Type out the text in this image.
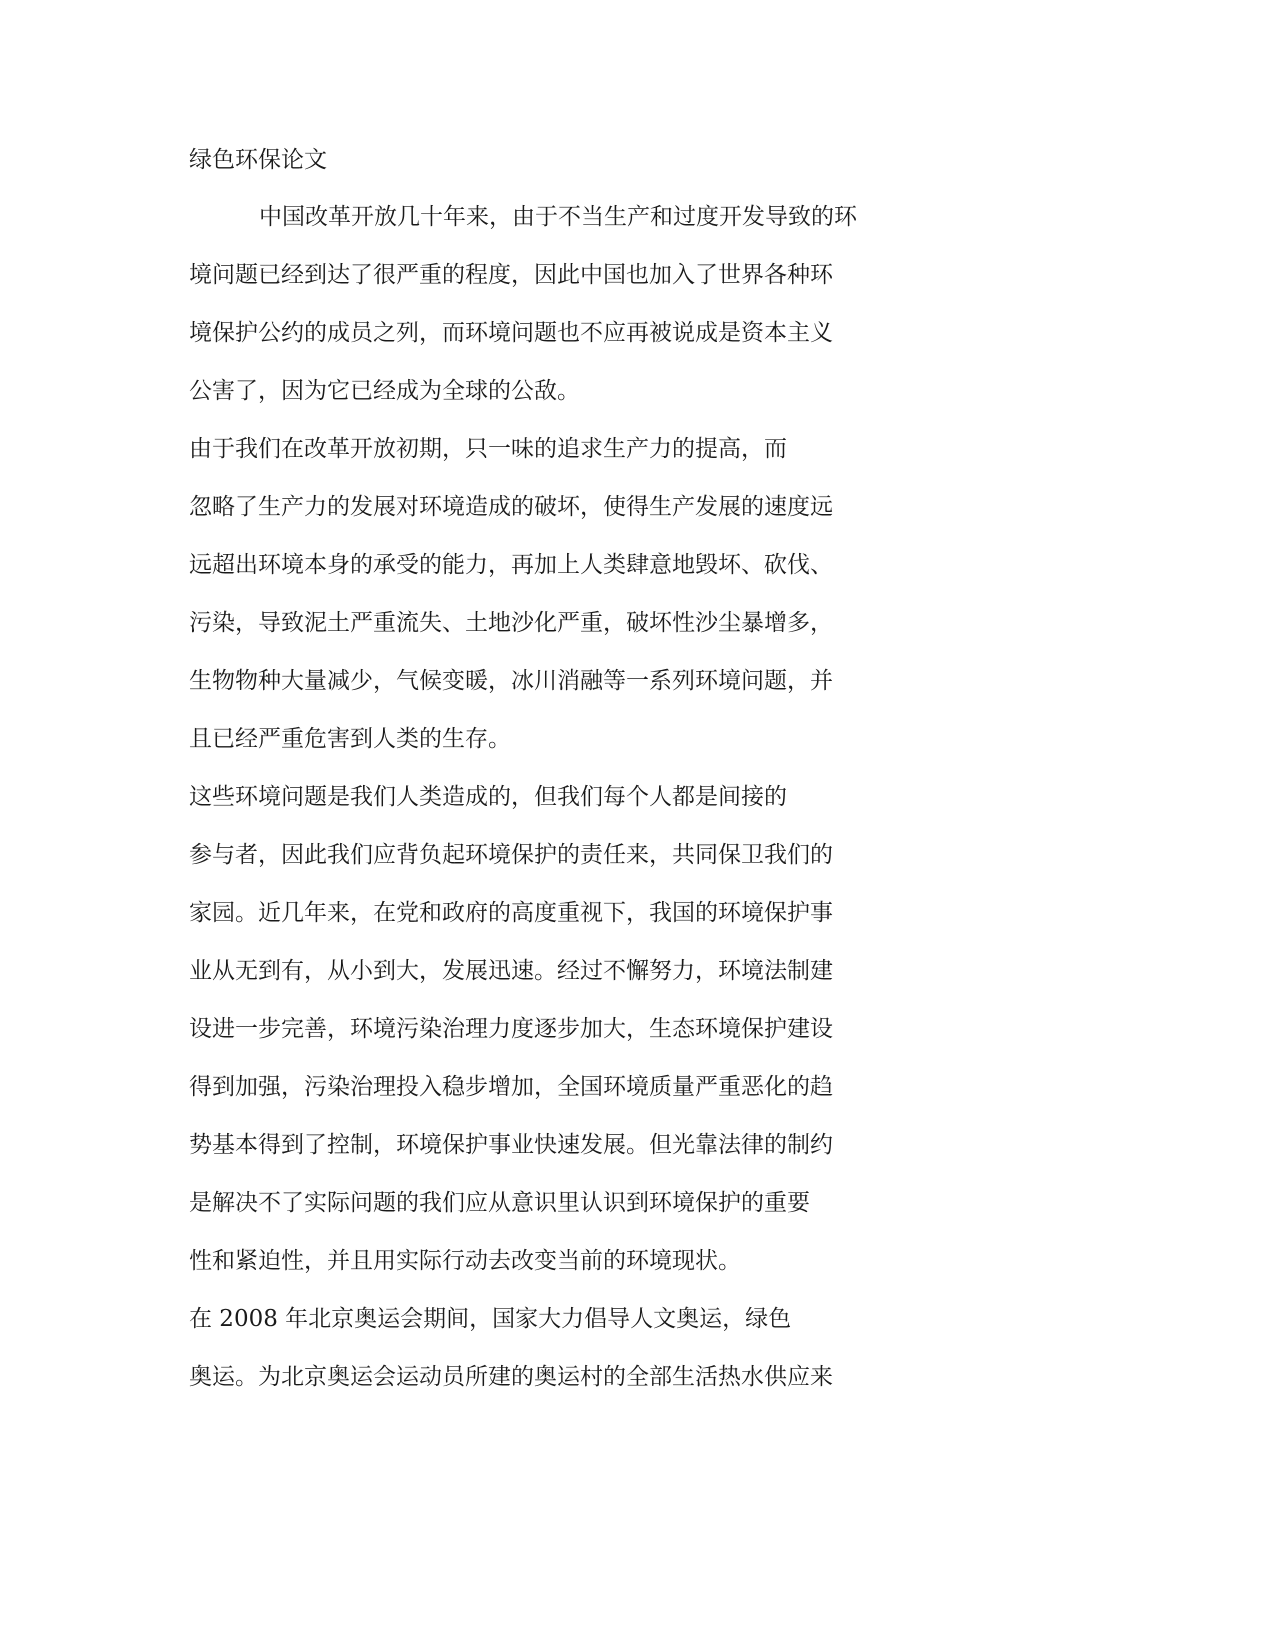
绿色环保论文
中国改革开放几十年来，由于不当生产和过度开发导致的环
境问题已经到达了很严重的程度，因此中国也加入了世界各种环
境保护公约的成员之列，而环境问题也不应再被说成是资本主义
公害了，因为它已经成为全球的公敌。
由于我们在改革开放初期，只一味的追求生产力的提高，而
忽略了生产力的发展对环境造成的破坏，使得生产发展的速度远
远超出环境本身的承受的能力，再加上人类肆意地毁坏、砍伐、
污染，导致泥土严重流失、土地沙化严重，破坏性沙尘暴增多，
生物物种大量减少，气候变暖，冰川消融等一系列环境问题，并
且已经严重危害到人类的生存。
这些环境问题是我们人类造成的，但我们每个人都是间接的
参与者，因此我们应背负起环境保护的责任来，共同保卫我们的
家园。近几年来，在党和政府的高度重视下，我国的环境保护事
业从无到有，从小到大，发展迅速。经过不懈努力，环境法制建
设进一步完善，环境污染治理力度逐步加大，生态环境保护建设
得到加强，污染治理投入稳步增加，全国环境质量严重恶化的趋
势基本得到了控制，环境保护事业快速发展。但光靠法律的制约
是解决不了实际问题的我们应从意识里认识到环境保护的重要
性和紧迫性，并且用实际行动去改变当前的环境现状。
在 2008 年北京奥运会期间，国家大力倡导人文奥运，绿色
奥运。为北京奥运会运动员所建的奥运村的全部生活热水供应来
